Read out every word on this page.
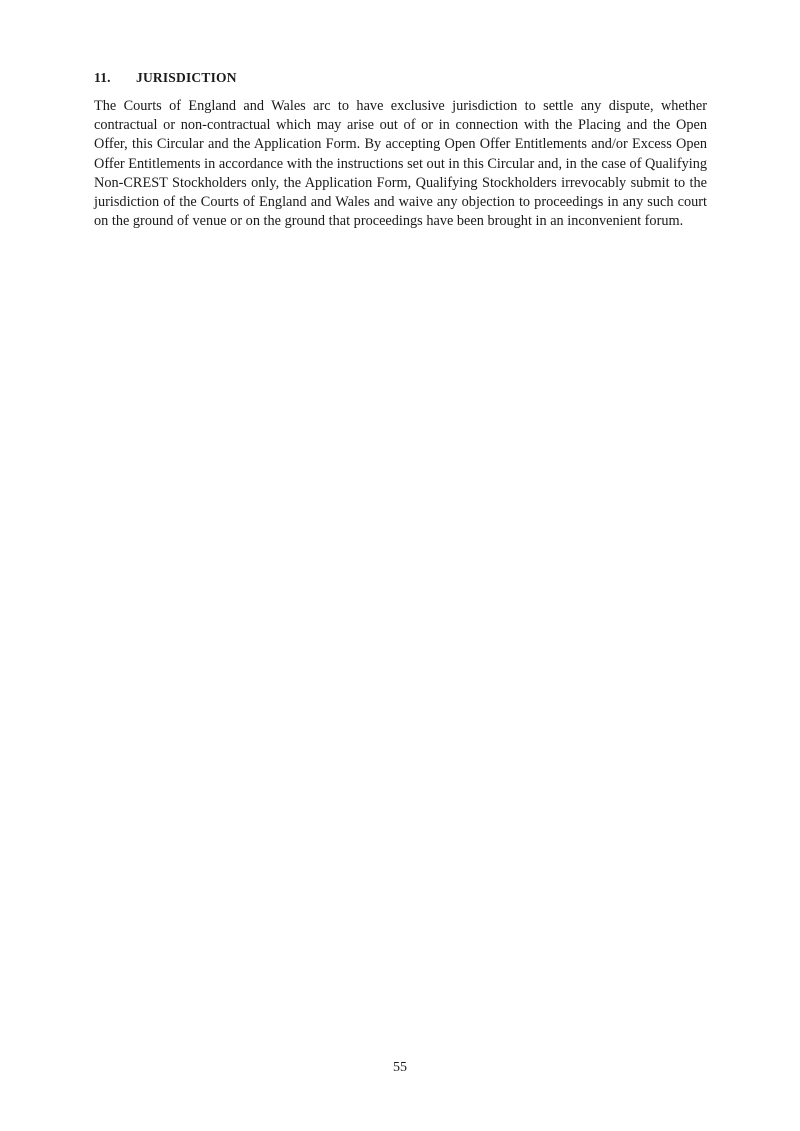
11.	JURISDICTION

The Courts of England and Wales arc to have exclusive jurisdiction to settle any dispute, whether contractual or non-contractual which may arise out of or in connection with the Placing and the Open Offer, this Circular and the Application Form. By accepting Open Offer Entitlements and/or Excess Open Offer Entitlements in accordance with the instructions set out in this Circular and, in the case of Qualifying Non-CREST Stockholders only, the Application Form, Qualifying Stockholders irrevocably submit to the jurisdiction of the Courts of England and Wales and waive any objection to proceedings in any such court on the ground of venue or on the ground that proceedings have been brought in an inconvenient forum.

55
